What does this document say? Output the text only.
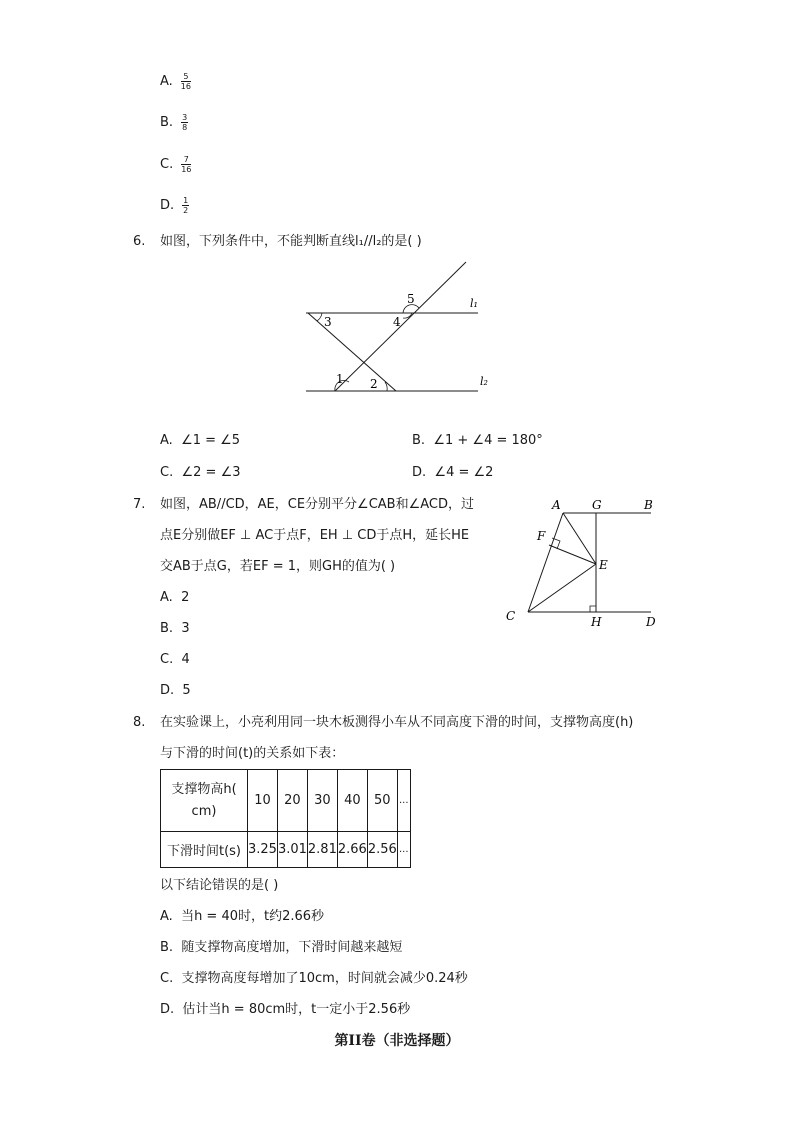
A. $\frac{5}{16}$
B. $\frac{3}{8}$
C. $\frac{7}{16}$
D. $\frac{1}{2}$
6. 如图，下列条件中，不能判断直线l₁//l₂的是( )
5
3	4
1 2
l₁
l₂
A. ∠1 = ∠5	B. ∠1 + ∠4 = 180°
C. ∠2 = ∠3	D. ∠4 = ∠2
7. 如图，AB//CD，AE，CE分别平分∠CAB和∠ACD，过
点E分别做EF ⊥ AC于点F，EH ⊥ CD于点H，延长HE
交AB于点G，若EF = 1，则GH的值为( )
A	G	B
F
E
C	H	D
A. 2
B. 3
C. 4
D. 5
8. 在实验课上，小亮利用同一块木板测得小车从不同高度下滑的时间，支撑物高度(h)
与下滑的时间(t)的关系如下表：
支撑物高h(
cm)	10	20	30	40	50	...
下滑时间t(s)	3.25	3.01	2.81	2.66	2.56	...
以下结论错误的是( )
A. 当h = 40时，t约2.66秒
B. 随支撑物高度增加，下滑时间越来越短
C. 支撑物高度每增加了10cm，时间就会减少0.24秒
D. 估计当h = 80cm时，t一定小于2.56秒
第II卷（非选择题）
